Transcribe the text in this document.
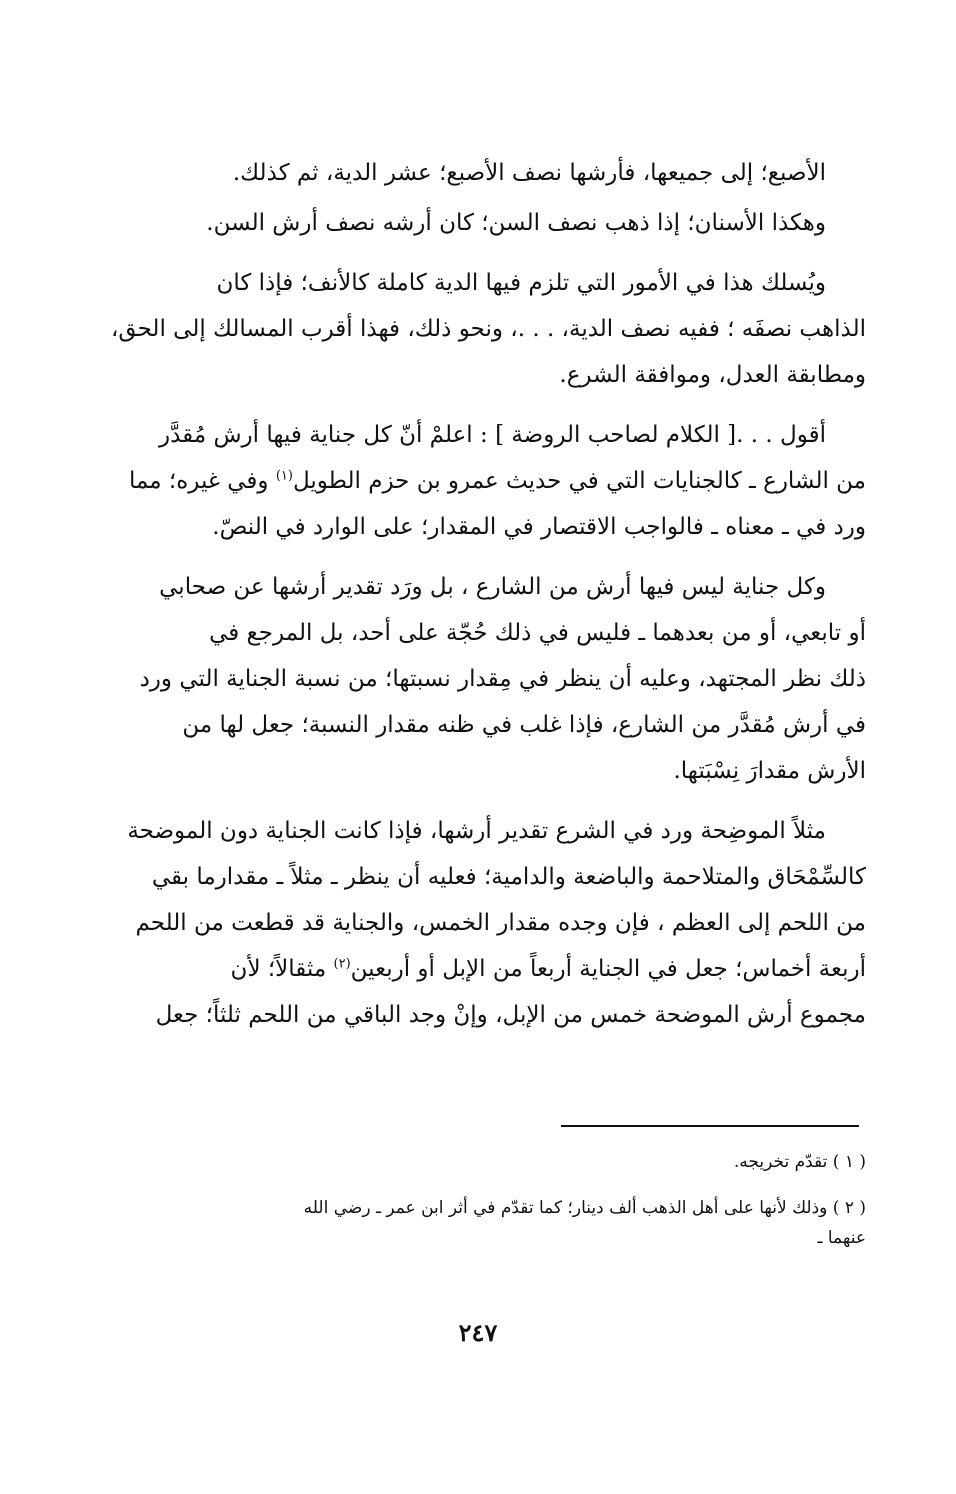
الأصبع؛ إلى جميعها، فأرشها نصف الأصبع؛ عشر الدية، ثم كذلك.

وهكذا الأسنان؛ إذا ذهب نصف السن؛ كان أرشه نصف أرش السن.

ويُسلك هذا في الأمور التي تلزم فيها الدية كاملة كالأنف؛ فإذا كان
الذاهب نصفَه ؛ ففيه نصف الدية، . . .، ونحو ذلك، فهذا أقرب المسالك إلى الحق،
ومطابقة العدل، وموافقة الشرع.

أقول . . .[ الكلام لصاحب الروضة ] : اعلمْ أنّ كل جناية فيها أرش مُقدَّر
من الشارع ـ كالجنايات التي في حديث عمرو بن حزم الطويل$^{(١)}$ وفي غيره؛ مما
ورد في ـ معناه ـ فالواجب الاقتصار في المقدار؛ على الوارد في النصّ.

وكل جناية ليس فيها أرش من الشارع ، بل ورَد تقدير أرشها عن صحابي
أو تابعي، أو من بعدهما ـ فليس في ذلك حُجّة على أحد، بل المرجع في
ذلك نظر المجتهد، وعليه أن ينظر في مِقدار نسبتها؛ من نسبة الجناية التي ورد
في أرش مُقدَّر من الشارع، فإذا غلب في ظنه مقدار النسبة؛ جعل لها من
الأرش مقدارَ نِسْبَتها.

مثلاً الموضِحة ورد في الشرع تقدير أرشها، فإذا كانت الجناية دون الموضحة
كالسِّمْحَاق والمتلاحمة والباضعة والدامية؛ فعليه أن ينظر ـ مثلاً ـ مقدارما بقي
من اللحم إلى العظم ، فإن وجده مقدار الخمس، والجناية قد قطعت من اللحم
أربعة أخماس؛ جعل في الجناية أربعاً من الإبل أو أربعين$^{(٢)}$ مثقالاً؛ لأن
مجموع أرش الموضحة خمس من الإبل، وإنْ وجد الباقي من اللحم ثلثاً؛ جعل

( ١ ) تقدّم تخريجه.

( ٢ ) وذلك لأنها على أهل الذهب ألف دينار؛ كما تقدّم في أثر ابن عمر ـ رضي الله
عنهما ـ

٢٤٧
